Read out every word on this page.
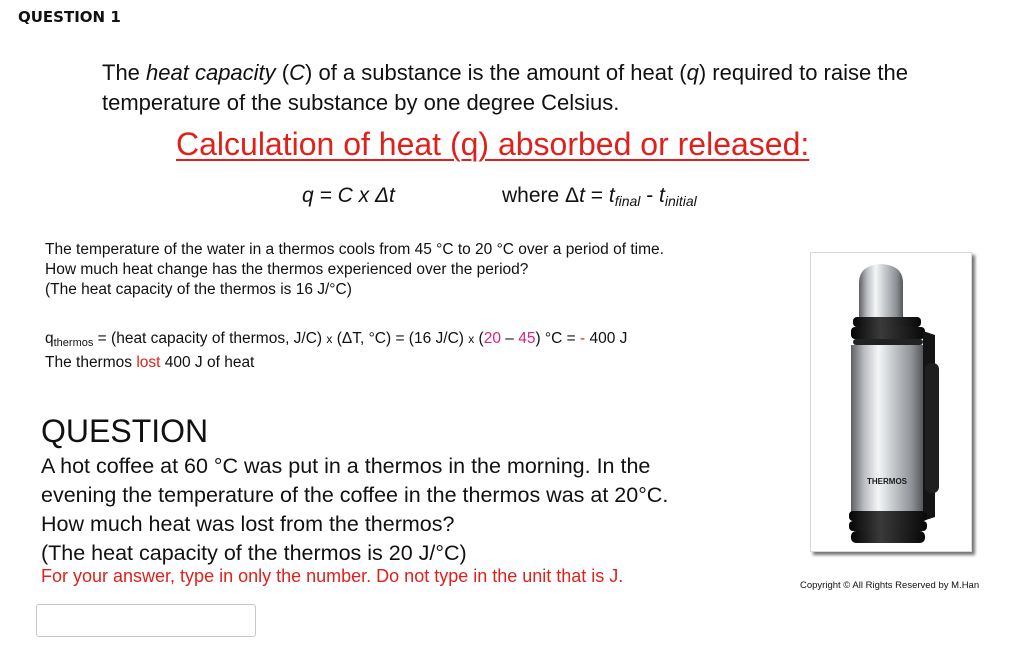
QUESTION 1
The heat capacity (C) of a substance is the amount of heat (q) required to raise the temperature of the substance by one degree Celsius.
Calculation of heat (q) absorbed or released:
q = C x Δt	where $\Delta t = t_{final} - t_{initial}$
The temperature of the water in a thermos cools from 45 °C to 20 °C over a period of time.
How much heat change has the thermos experienced over the period?
(The heat capacity of the thermos is 16 J/°C)
$q_{thermos}$ = (heat capacity of thermos, J/C) x (ΔT, °C) = (16 J/C) x (20 – 45) °C = - 400 J
The thermos lost 400 J of heat
QUESTION
A hot coffee at 60 °C was put in a thermos in the morning. In the
evening the temperature of the coffee in the thermos was at 20°C.
How much heat was lost from the thermos?
(The heat capacity of the thermos is 20 J/°C)
For your answer, type in only the number. Do not type in the unit that is J.
THERMOS
Copyright © All Rights Reserved by M.Han
